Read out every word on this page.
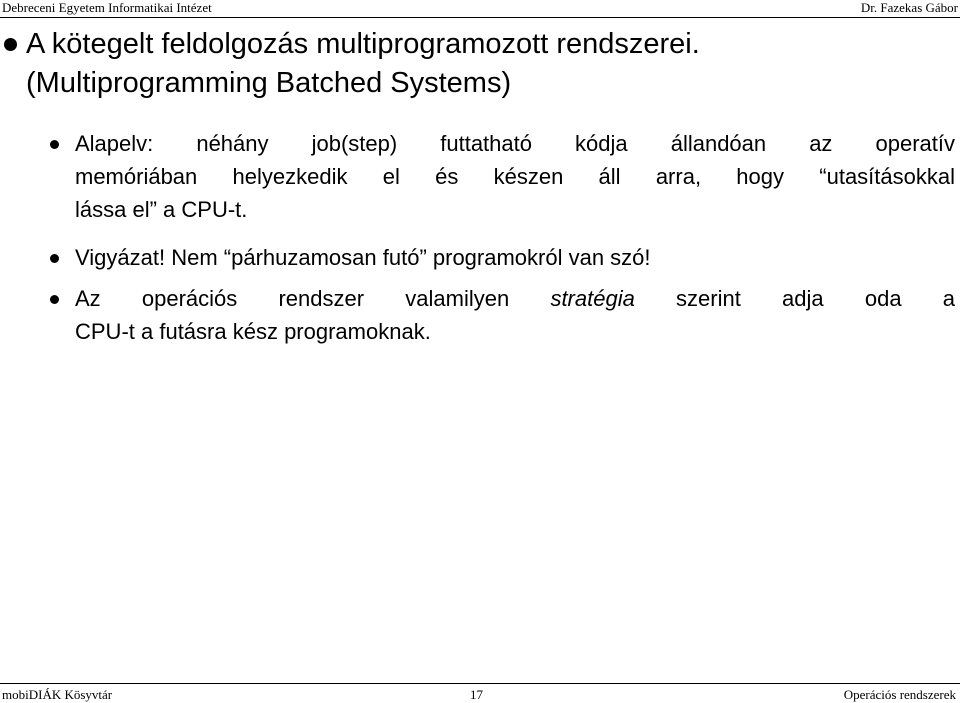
Debreceni Egyetem Informatikai Intézet	Dr. Fazekas Gábor
A kötegelt feldolgozás multiprogramozott rendszerei.
(Multiprogramming Batched Systems)
Alapelv: néhány job(step) futtatható kódja állandóan az operatív
memóriában helyezkedik el és készen áll arra, hogy “utasításokkal
lássa el” a CPU-t.
Vigyázat! Nem “párhuzamosan futó” programokról van szó!
Az operációs rendszer valamilyen stratégia szerint adja oda a
CPU-t a futásra kész programoknak.
mobiDIÁK Kösyvtár	17	Operációs rendszerek
